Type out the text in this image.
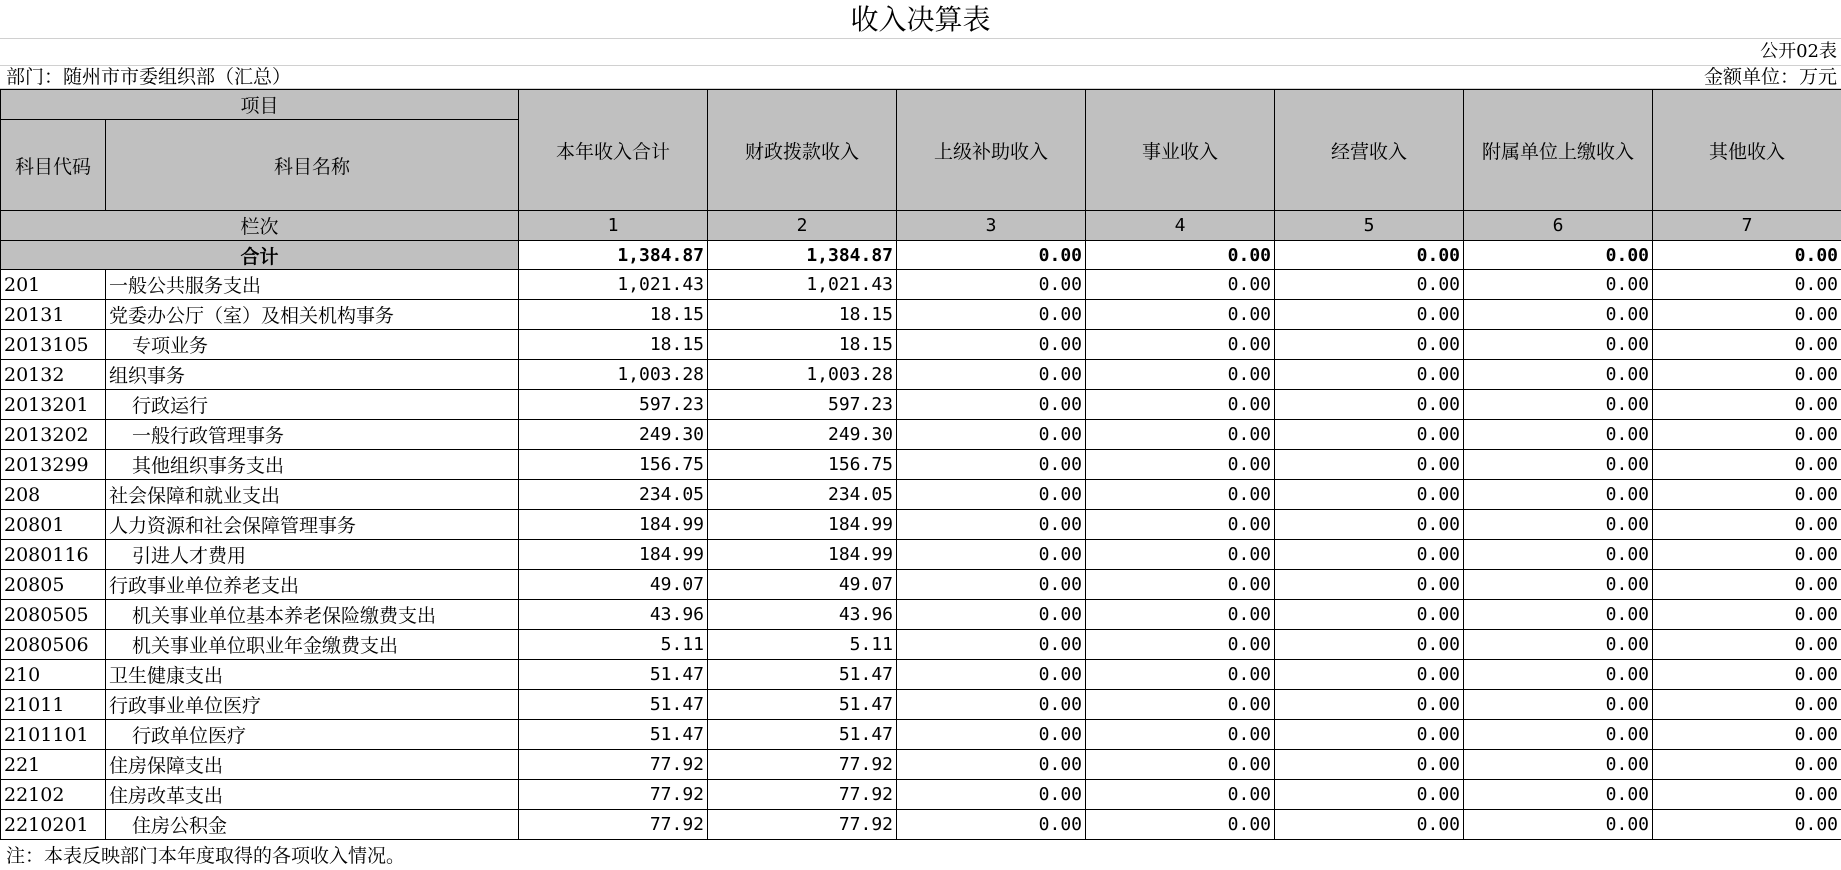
收入决算表
公开02表
部门：随州市市委组织部（汇总）	金额单位：万元
项目		本年收入合计	财政拨款收入	上级补助收入	事业收入	经营收入	附属单位上缴收入	其他收入
科目代码	科目名称							
栏次		1	2	3	4	5	6	7
合计		1,384.87	1,384.87	0.00	0.00	0.00	0.00	0.00
201	一般公共服务支出	1,021.43	1,021.43	0.00	0.00	0.00	0.00	0.00
20131	党委办公厅（室）及相关机构事务	18.15	18.15	0.00	0.00	0.00	0.00	0.00
2013105	专项业务	18.15	18.15	0.00	0.00	0.00	0.00	0.00
20132	组织事务	1,003.28	1,003.28	0.00	0.00	0.00	0.00	0.00
2013201	行政运行	597.23	597.23	0.00	0.00	0.00	0.00	0.00
2013202	一般行政管理事务	249.30	249.30	0.00	0.00	0.00	0.00	0.00
2013299	其他组织事务支出	156.75	156.75	0.00	0.00	0.00	0.00	0.00
208	社会保障和就业支出	234.05	234.05	0.00	0.00	0.00	0.00	0.00
20801	人力资源和社会保障管理事务	184.99	184.99	0.00	0.00	0.00	0.00	0.00
2080116	引进人才费用	184.99	184.99	0.00	0.00	0.00	0.00	0.00
20805	行政事业单位养老支出	49.07	49.07	0.00	0.00	0.00	0.00	0.00
2080505	机关事业单位基本养老保险缴费支出	43.96	43.96	0.00	0.00	0.00	0.00	0.00
2080506	机关事业单位职业年金缴费支出	5.11	5.11	0.00	0.00	0.00	0.00	0.00
210	卫生健康支出	51.47	51.47	0.00	0.00	0.00	0.00	0.00
21011	行政事业单位医疗	51.47	51.47	0.00	0.00	0.00	0.00	0.00
2101101	行政单位医疗	51.47	51.47	0.00	0.00	0.00	0.00	0.00
221	住房保障支出	77.92	77.92	0.00	0.00	0.00	0.00	0.00
22102	住房改革支出	77.92	77.92	0.00	0.00	0.00	0.00	0.00
2210201	住房公积金	77.92	77.92	0.00	0.00	0.00	0.00	0.00
注：本表反映部门本年度取得的各项收入情况。
